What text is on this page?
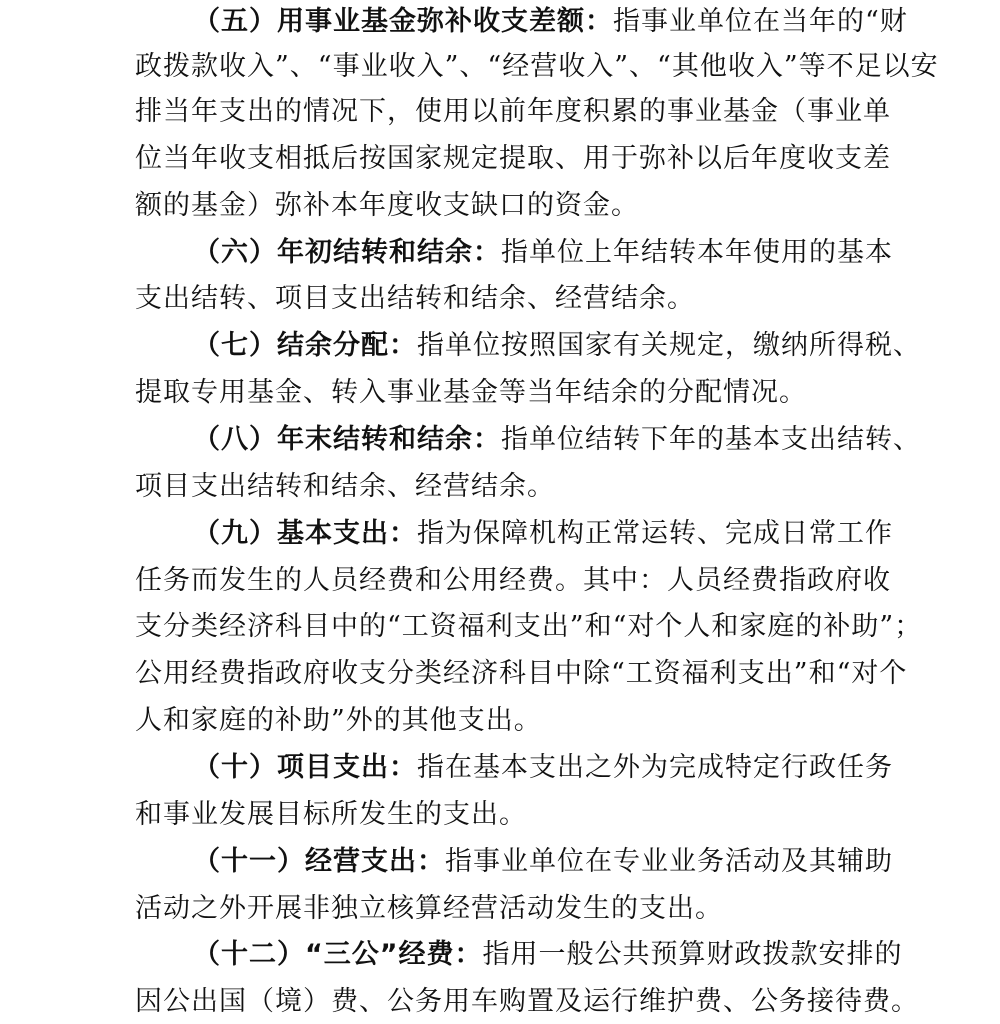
（五）用事业基金弥补收支差额：指事业单位在当年的“财
政拨款收入”、“事业收入”、“经营收入”、“其他收入”等不足以安
排当年支出的情况下，使用以前年度积累的事业基金（事业单
位当年收支相抵后按国家规定提取、用于弥补以后年度收支差
额的基金）弥补本年度收支缺口的资金。
（六）年初结转和结余：指单位上年结转本年使用的基本
支出结转、项目支出结转和结余、经营结余。
（七）结余分配：指单位按照国家有关规定，缴纳所得税、
提取专用基金、转入事业基金等当年结余的分配情况。
（八）年末结转和结余：指单位结转下年的基本支出结转、
项目支出结转和结余、经营结余。
（九）基本支出：指为保障机构正常运转、完成日常工作
任务而发生的人员经费和公用经费。其中：人员经费指政府收
支分类经济科目中的“工资福利支出”和“对个人和家庭的补助”；
公用经费指政府收支分类经济科目中除“工资福利支出”和“对个
人和家庭的补助”外的其他支出。
（十）项目支出：指在基本支出之外为完成特定行政任务
和事业发展目标所发生的支出。
（十一）经营支出：指事业单位在专业业务活动及其辅助
活动之外开展非独立核算经营活动发生的支出。
（十二）“三公”经费：指用一般公共预算财政拨款安排的
因公出国（境）费、公务用车购置及运行维护费、公务接待费。
